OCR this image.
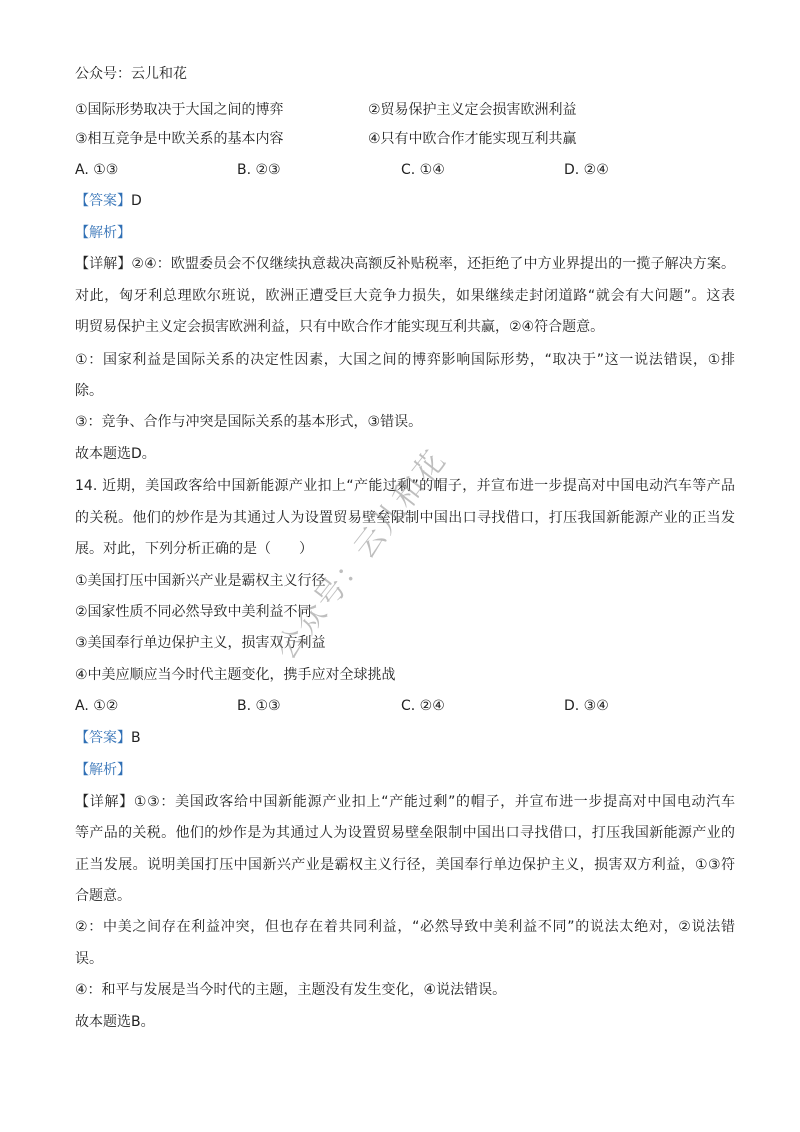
公众号：云儿和花
①国际形势取决于大国之间的博弈	②贸易保护主义定会损害欧洲利益
③相互竞争是中欧关系的基本内容	④只有中欧合作才能实现互利共赢
A. ①③	B. ②③	C. ①④	D. ②④
【答案】D
【解析】
【详解】②④：欧盟委员会不仅继续执意裁决高额反补贴税率，还拒绝了中方业界提出的一揽子解决方案。
对此，匈牙利总理欧尔班说，欧洲正遭受巨大竞争力损失，如果继续走封闭道路“就会有大问题”。这表
明贸易保护主义定会损害欧洲利益，只有中欧合作才能实现互利共赢，②④符合题意。
①：国家利益是国际关系的决定性因素，大国之间的博弈影响国际形势，“取决于”这一说法错误，①排
除。
③：竞争、合作与冲突是国际关系的基本形式，③错误。
故本题选D。
14. 近期，美国政客给中国新能源产业扣上“产能过剩”的帽子，并宣布进一步提高对中国电动汽车等产品
的关税。他们的炒作是为其通过人为设置贸易壁垒限制中国出口寻找借口，打压我国新能源产业的正当发
展。对此，下列分析正确的是（　　）
①美国打压中国新兴产业是霸权主义行径
②国家性质不同必然导致中美利益不同
③美国奉行单边保护主义，损害双方利益
④中美应顺应当今时代主题变化，携手应对全球挑战
A. ①②	B. ①③	C. ②④	D. ③④
【答案】B
【解析】
【详解】①③：美国政客给中国新能源产业扣上“产能过剩”的帽子，并宣布进一步提高对中国电动汽车
等产品的关税。他们的炒作是为其通过人为设置贸易壁垒限制中国出口寻找借口，打压我国新能源产业的
正当发展。说明美国打压中国新兴产业是霸权主义行径，美国奉行单边保护主义，损害双方利益，①③符
合题意。
②：中美之间存在利益冲突，但也存在着共同利益，“必然导致中美利益不同”的说法太绝对，②说法错
误。
④：和平与发展是当今时代的主题，主题没有发生变化，④说法错误。
故本题选B。
公众号：云儿和花
